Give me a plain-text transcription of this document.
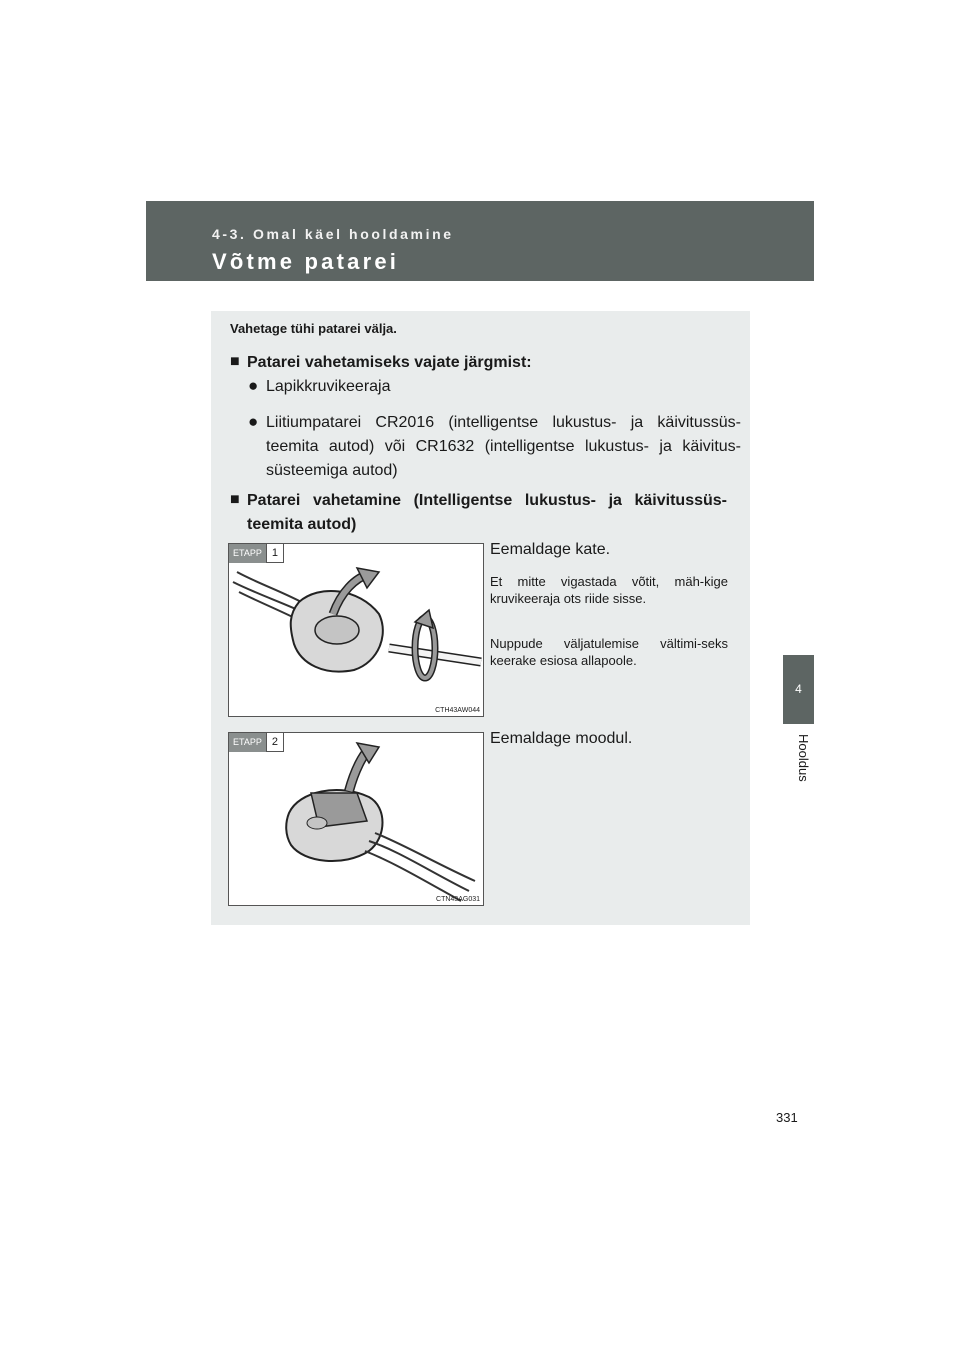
4-3. Omal käel hooldamine
Võtme patarei
4
Hooldus
331
Vahetage tühi patarei välja.
■ Patarei vahetamiseks vajate järgmist:
● Lapikkruvikeeraja
● Liitiumpatarei CR2016 (intelligentse lukustus- ja käivitussüs-teemita autod) või CR1632 (intelligentse lukustus- ja käivitus-süsteemiga autod)
■ Patarei vahetamine (Intelligentse lukustus- ja käivitussüs-teemita autod)
ETAPP 1
CTH43AW044
Eemaldage kate.
Et mitte vigastada võtit, mäh-kige kruvikeeraja ots riide sisse.
Nuppude väljatulemise vältimi-seks keerake esiosa allapoole.
ETAPP 2
CTN43AG031
Eemaldage moodul.
